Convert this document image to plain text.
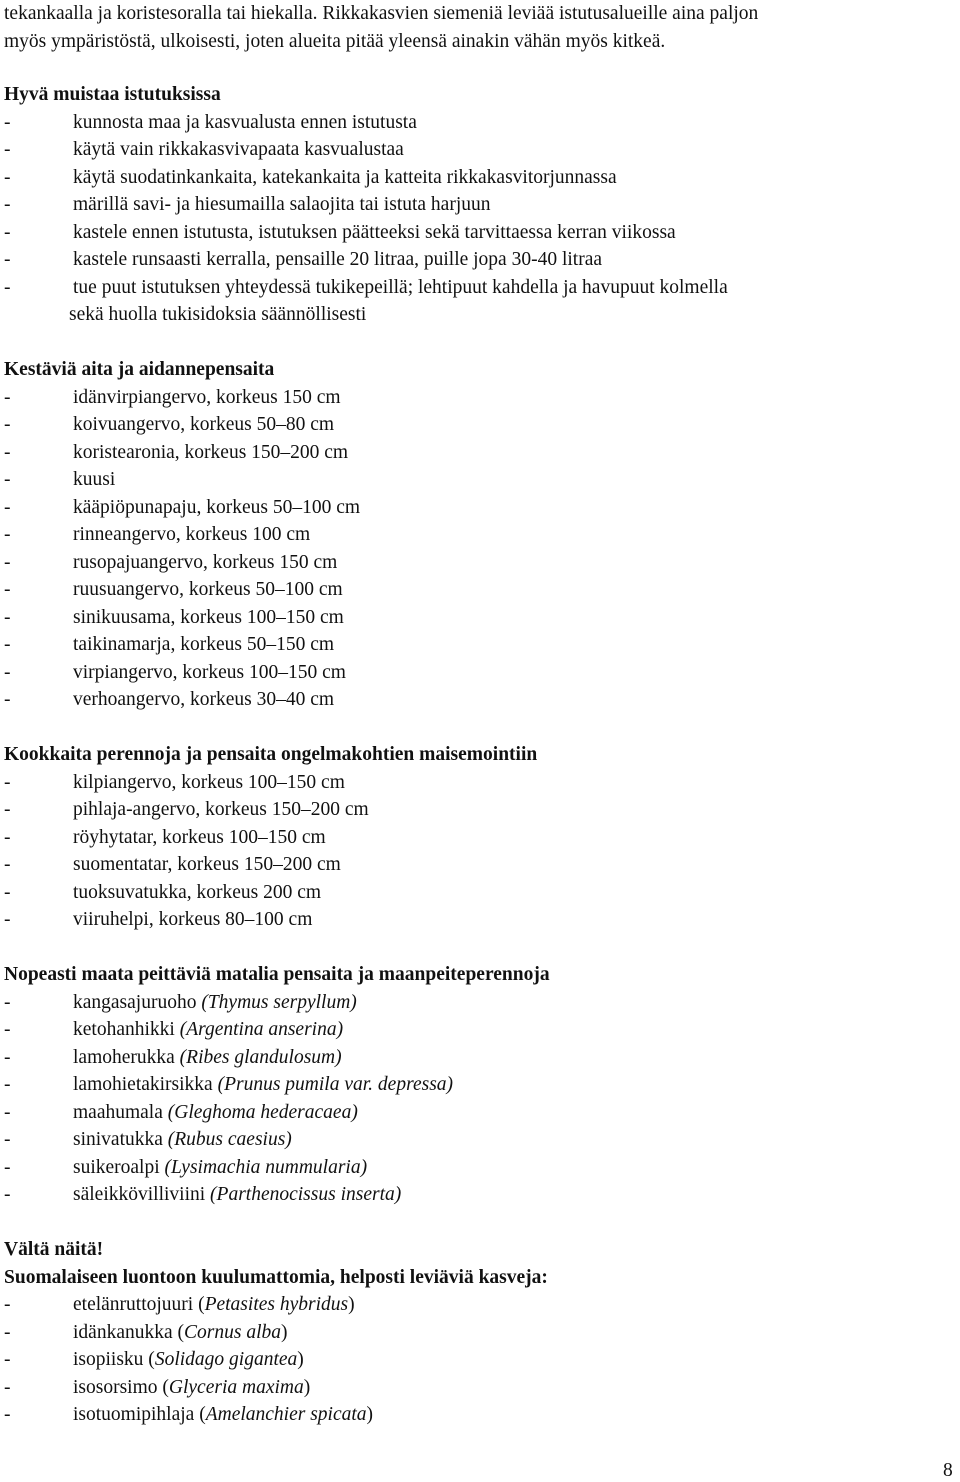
tekankaalla ja koristesoralla tai hiekalla. Rikkakasvien siemeniä leviää istutusalueille aina paljon
myös ympäristöstä, ulkoisesti, joten alueita pitää yleensä ainakin vähän myös kitkeä.
Hyvä muistaa istutuksissa
-	kunnosta maa ja kasvualusta ennen istutusta
-	käytä vain rikkakasvivapaata kasvualustaa
-	käytä suodatinkankaita, katekankaita ja katteita rikkakasvitorjunnassa
-	märillä savi- ja hiesumailla salaojita tai istuta harjuun
-	kastele ennen istutusta, istutuksen päätteeksi sekä tarvittaessa kerran viikossa
-	kastele runsaasti kerralla, pensaille 20 litraa, puille jopa 30-40 litraa
-	tue puut istutuksen yhteydessä tukikepeillä; lehtipuut kahdella ja havupuut kolmella
sekä huolla tukisidoksia säännöllisesti
Kestäviä aita ja aidannepensaita
-	idänvirpiangervo, korkeus 150 cm
-	koivuangervo, korkeus 50–80 cm
-	koristearonia, korkeus 150–200 cm
-	kuusi
-	kääpiöpunapaju, korkeus 50–100 cm
-	rinneangervo, korkeus 100 cm
-	rusopajuangervo, korkeus 150 cm
-	ruusuangervo, korkeus 50–100 cm
-	sinikuusama, korkeus 100–150 cm
-	taikinamarja, korkeus 50–150 cm
-	virpiangervo, korkeus 100–150 cm
-	verhoangervo, korkeus 30–40 cm
Kookkaita perennoja ja pensaita ongelmakohtien maisemointiin
-	kilpiangervo, korkeus 100–150 cm
-	pihlaja-angervo, korkeus 150–200 cm
-	röyhytatar, korkeus 100–150 cm
-	suomentatar, korkeus 150–200 cm
-	tuoksuvatukka, korkeus 200 cm
-	viiruhelpi, korkeus 80–100 cm
Nopeasti maata peittäviä matalia pensaita ja maanpeiteperennoja
-	kangasajuruoho (Thymus serpyllum)
-	ketohanhikki (Argentina anserina)
-	lamoherukka (Ribes glandulosum)
-	lamohietakirsikka (Prunus pumila var. depressa)
-	maahumala (Gleghoma hederacaea)
-	sinivatukka (Rubus caesius)
-	suikeroalpi (Lysimachia nummularia)
-	säleikkövilliviini (Parthenocissus inserta)
Vältä näitä!
Suomalaiseen luontoon kuulumattomia, helposti leviäviä kasveja:
-	etelänruttojuuri (Petasites hybridus)
-	idänkanukka (Cornus alba)
-	isopiisku (Solidago gigantea)
-	isosorsimo (Glyceria maxima)
-	isotuomipihlaja (Amelanchier spicata)
8
